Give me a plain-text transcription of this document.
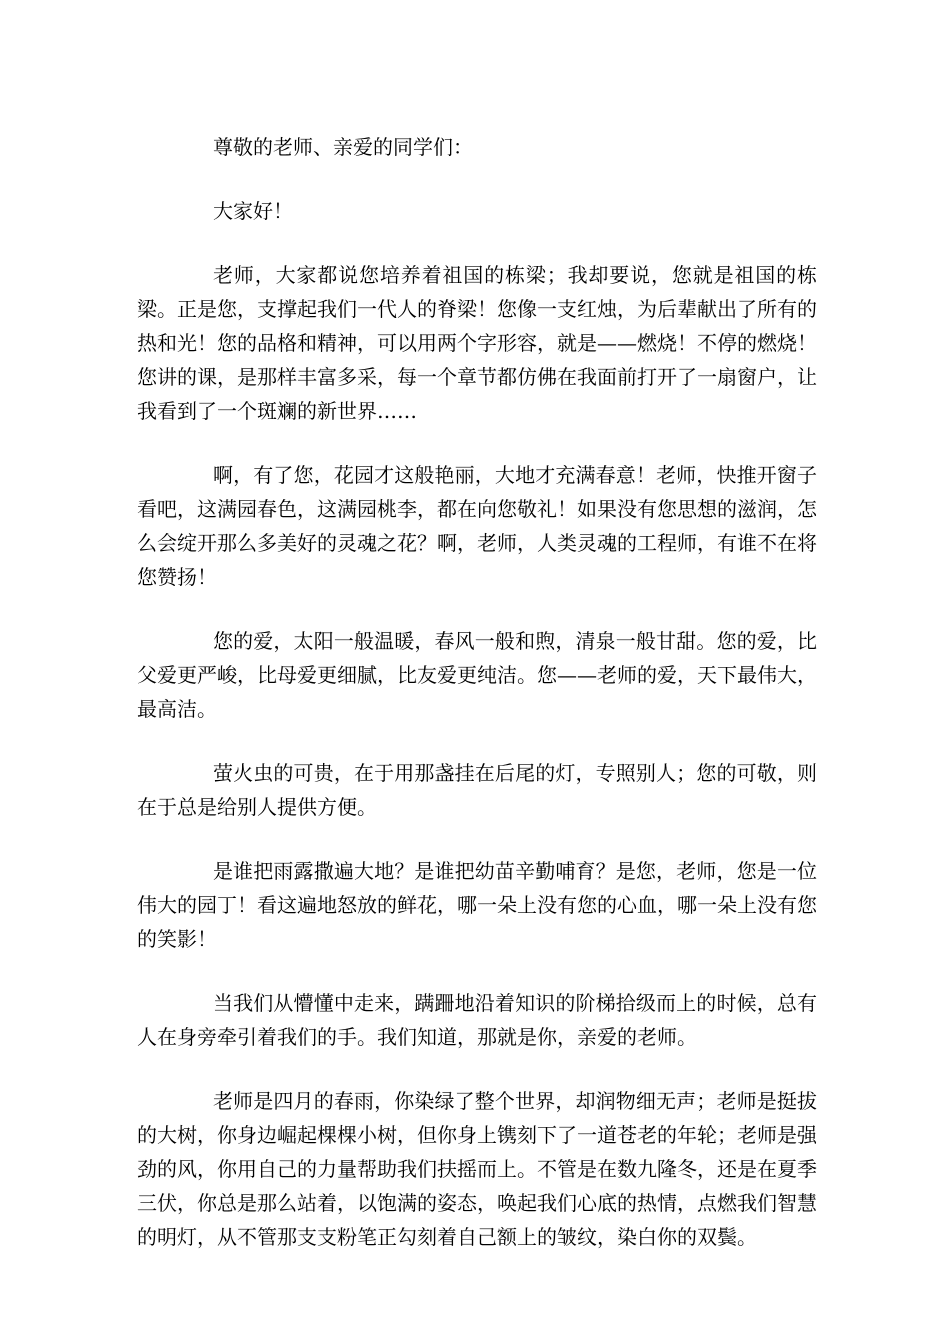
尊敬的老师、亲爱的同学们：

大家好！

老师，大家都说您培养着祖国的栋梁；我却要说，您就是祖国的栋梁。正是您，支撑起我们一代人的脊梁！您像一支红烛，为后辈献出了所有的热和光！您的品格和精神，可以用两个字形容，就是——燃烧！不停的燃烧！您讲的课，是那样丰富多采，每一个章节都仿佛在我面前打开了一扇窗户，让我看到了一个斑斓的新世界……

啊，有了您，花园才这般艳丽，大地才充满春意！老师，快推开窗子看吧，这满园春色，这满园桃李，都在向您敬礼！如果没有您思想的滋润，怎么会绽开那么多美好的灵魂之花？啊，老师，人类灵魂的工程师，有谁不在将您赞扬！

您的爱，太阳一般温暖，春风一般和煦，清泉一般甘甜。您的爱，比父爱更严峻，比母爱更细腻，比友爱更纯洁。您——老师的爱，天下最伟大，最高洁。

萤火虫的可贵，在于用那盏挂在后尾的灯，专照别人；您的可敬，则在于总是给别人提供方便。

是谁把雨露撒遍大地？是谁把幼苗辛勤哺育？是您，老师，您是一位伟大的园丁！看这遍地怒放的鲜花，哪一朵上没有您的心血，哪一朵上没有您的笑影！

当我们从懵懂中走来，蹒跚地沿着知识的阶梯拾级而上的时候，总有人在身旁牵引着我们的手。我们知道，那就是你，亲爱的老师。

老师是四月的春雨，你染绿了整个世界，却润物细无声；老师是挺拔的大树，你身边崛起棵棵小树，但你身上镌刻下了一道苍老的年轮；老师是强劲的风，你用自己的力量帮助我们扶摇而上。不管是在数九隆冬，还是在夏季三伏，你总是那么站着，以饱满的姿态，唤起我们心底的热情，点燃我们智慧的明灯，从不管那支支粉笔正勾刻着自己额上的皱纹，染白你的双鬓。
